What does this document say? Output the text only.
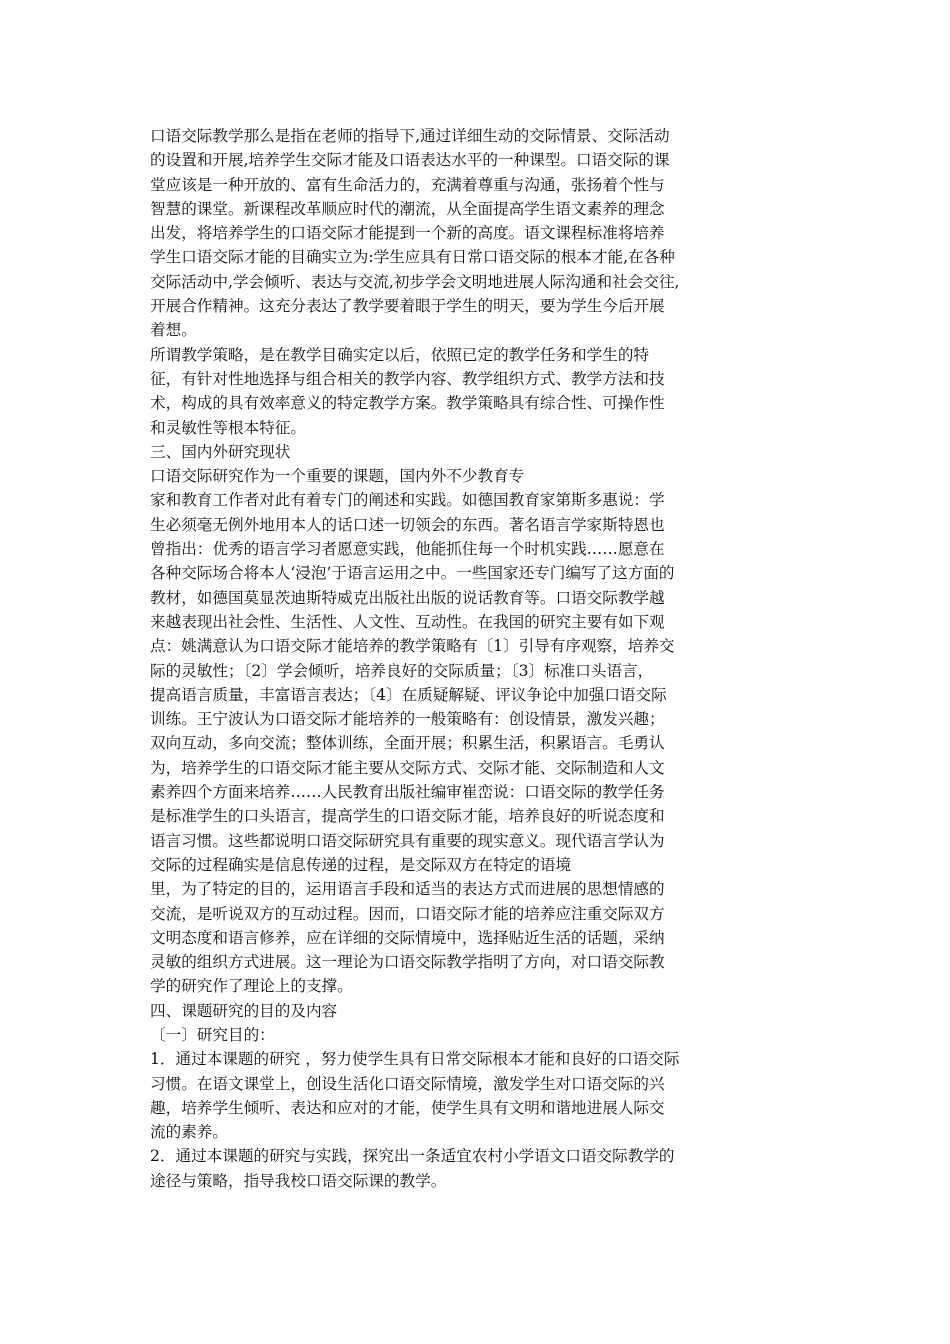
口语交际教学那么是指在老师的指导下,通过详细生动的交际情景、交际活动
的设置和开展,培养学生交际才能及口语表达水平的一种课型。口语交际的课
堂应该是一种开放的、富有生命活力的，充满着尊重与沟通，张扬着个性与
智慧的课堂。新课程改革顺应时代的潮流，从全面提高学生语文素养的理念
出发，将培养学生的口语交际才能提到一个新的高度。语文课程标准将培养
学生口语交际才能的目确实立为:学生应具有日常口语交际的根本才能,在各种
交际活动中,学会倾听、表达与交流,初步学会文明地进展人际沟通和社会交往,
开展合作精神。这充分表达了教学要着眼于学生的明天，要为学生今后开展
着想。
所谓教学策略，是在教学目确实定以后，依照已定的教学任务和学生的特
征，有针对性地选择与组合相关的教学内容、教学组织方式、教学方法和技
术，构成的具有效率意义的特定教学方案。教学策略具有综合性、可操作性
和灵敏性等根本特征。
三、国内外研究现状
口语交际研究作为一个重要的课题，国内外不少教育专
家和教育工作者对此有着专门的阐述和实践。如德国教育家第斯多惠说：学
生必须毫无例外地用本人的话口述一切领会的东西。著名语言学家斯特恩也
曾指出：优秀的语言学习者愿意实践，他能抓住每一个时机实践……愿意在
各种交际场合将本人‘浸泡’于语言运用之中。一些国家还专门编写了这方面的
教材，如德国莫显茨迪斯特威克出版社出版的说话教育等。口语交际教学越
来越表现出社会性、生活性、人文性、互动性。在我国的研究主要有如下观
点：姚满意认为口语交际才能培养的教学策略有〔1〕引导有序观察，培养交
际的灵敏性；〔2〕学会倾听，培养良好的交际质量；〔3〕标准口头语言，
提高语言质量，丰富语言表达；〔4〕在质疑解疑、评议争论中加强口语交际
训练。王宁波认为口语交际才能培养的一般策略有：创设情景，激发兴趣；
双向互动，多向交流；整体训练，全面开展；积累生活，积累语言。毛勇认
为，培养学生的口语交际才能主要从交际方式、交际才能、交际制造和人文
素养四个方面来培养……人民教育出版社编审崔峦说：口语交际的教学任务
是标准学生的口头语言，提高学生的口语交际才能，培养良好的听说态度和
语言习惯。这些都说明口语交际研究具有重要的现实意义。现代语言学认为
交际的过程确实是信息传递的过程，是交际双方在特定的语境
里，为了特定的目的，运用语言手段和适当的表达方式而进展的思想情感的
交流，是听说双方的互动过程。因而，口语交际才能的培养应注重交际双方
文明态度和语言修养，应在详细的交际情境中，选择贴近生活的话题，采纳
灵敏的组织方式进展。这一理论为口语交际教学指明了方向，对口语交际教
学的研究作了理论上的支撑。
四、课题研究的目的及内容
〔一〕研究目的：
1．通过本课题的研究 ，努力使学生具有日常交际根本才能和良好的口语交际
习惯。在语文课堂上，创设生活化口语交际情境，激发学生对口语交际的兴
趣，培养学生倾听、表达和应对的才能，使学生具有文明和谐地进展人际交
流的素养。
2．通过本课题的研究与实践，探究出一条适宜农村小学语文口语交际教学的
途径与策略，指导我校口语交际课的教学。
